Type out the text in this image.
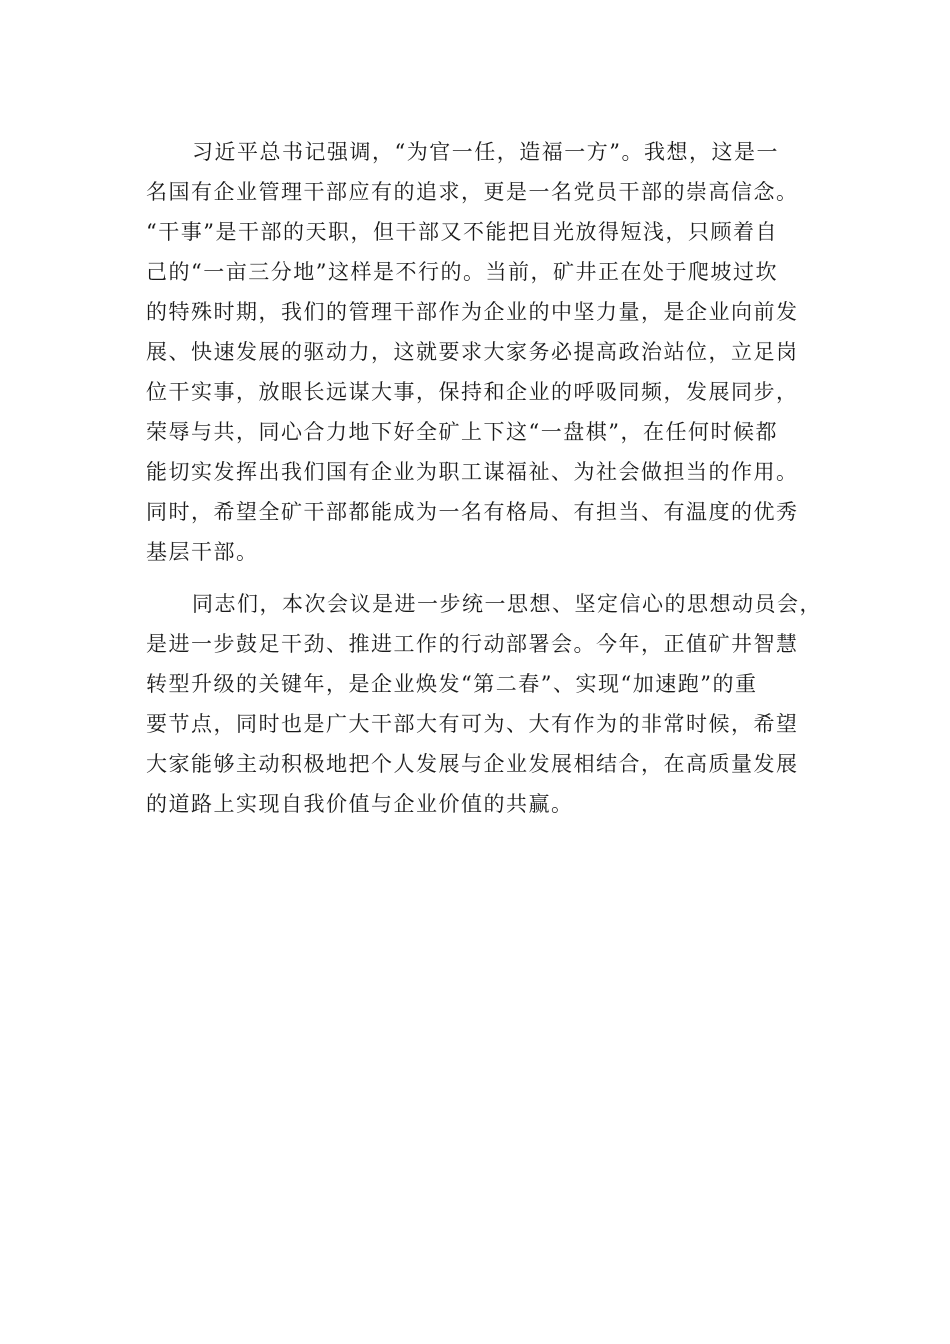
习近平总书记强调，“为官一任，造福一方”。我想，这是一
名国有企业管理干部应有的追求，更是一名党员干部的崇高信念。
“干事”是干部的天职，但干部又不能把目光放得短浅，只顾着自
己的“一亩三分地”这样是不行的。当前，矿井正在处于爬坡过坎
的特殊时期，我们的管理干部作为企业的中坚力量，是企业向前发
展、快速发展的驱动力，这就要求大家务必提高政治站位，立足岗
位干实事，放眼长远谋大事，保持和企业的呼吸同频，发展同步，
荣辱与共，同心合力地下好全矿上下这“一盘棋”，在任何时候都
能切实发挥出我们国有企业为职工谋福祉、为社会做担当的作用。
同时，希望全矿干部都能成为一名有格局、有担当、有温度的优秀
基层干部。

同志们，本次会议是进一步统一思想、坚定信心的思想动员会，
是进一步鼓足干劲、推进工作的行动部署会。今年，正值矿井智慧
转型升级的关键年，是企业焕发“第二春”、实现“加速跑”的重
要节点，同时也是广大干部大有可为、大有作为的非常时候，希望
大家能够主动积极地把个人发展与企业发展相结合，在高质量发展
的道路上实现自我价值与企业价值的共赢。
